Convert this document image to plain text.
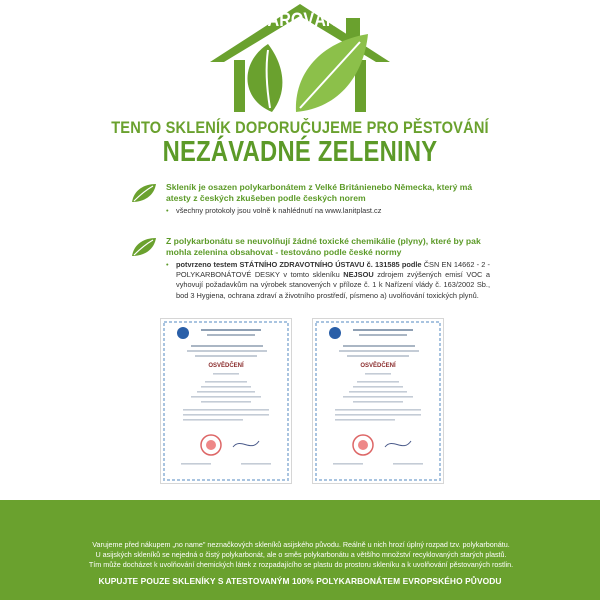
TENTO SKLENÍK DOPORUČUJEME PRO PĚSTOVÁNÍ
NEZÁVADNÉ ZELENINY
Skleník je osazen polykarbonátem z Velké Británienebo Německa, který má atesty z českých zkušeben podle českých norem
•	všechny protokoly jsou volně k nahlédnutí na www.lanitplast.cz
Z polykarbonátu se neuvolňují žádné toxické chemikálie (plyny), které by pak mohla zelenina obsahovat - testováno podle české normy
•	potvrzeno testem STÁTNÍHO ZDRAVOTNÍHO ÚSTAVU č. 131585 podle ČSN EN 14662 - 2 - POLYKARBONÁTOVÉ DESKY v tomto skleníku NEJSOU zdrojem zvýšených emisí VOC a vyhovují požadavkům na výrobek stanovených v příloze č. 1 k Nařízení vlády č. 163/2002 Sb., bod 3 Hygiena, ochrana zdraví a životního prostředí, písmeno a) uvolňování toxických plynů.
OSVĚDČENÍ	OSVĚDČENÍ
VAROVÁNÍ
Varujeme před nákupem „no name" neznačkových skleníků asijského původu. Reálně u nich hrozí úplný rozpad tzv. polykarbonátu.
U asijských skleníků se nejedná o čistý polykarbonát, ale o směs polykarbonátu a většího množství recyklovaných starých plastů.
Tím může docházet k uvolňování chemických látek z rozpadajícího se plastu do prostoru skleníku a k uvolňování pěstovaných rostlin.
KUPUJTE POUZE SKLENÍKY S ATESTOVANÝM 100% POLYKARBONÁTEM EVROPSKÉHO PŮVODU
